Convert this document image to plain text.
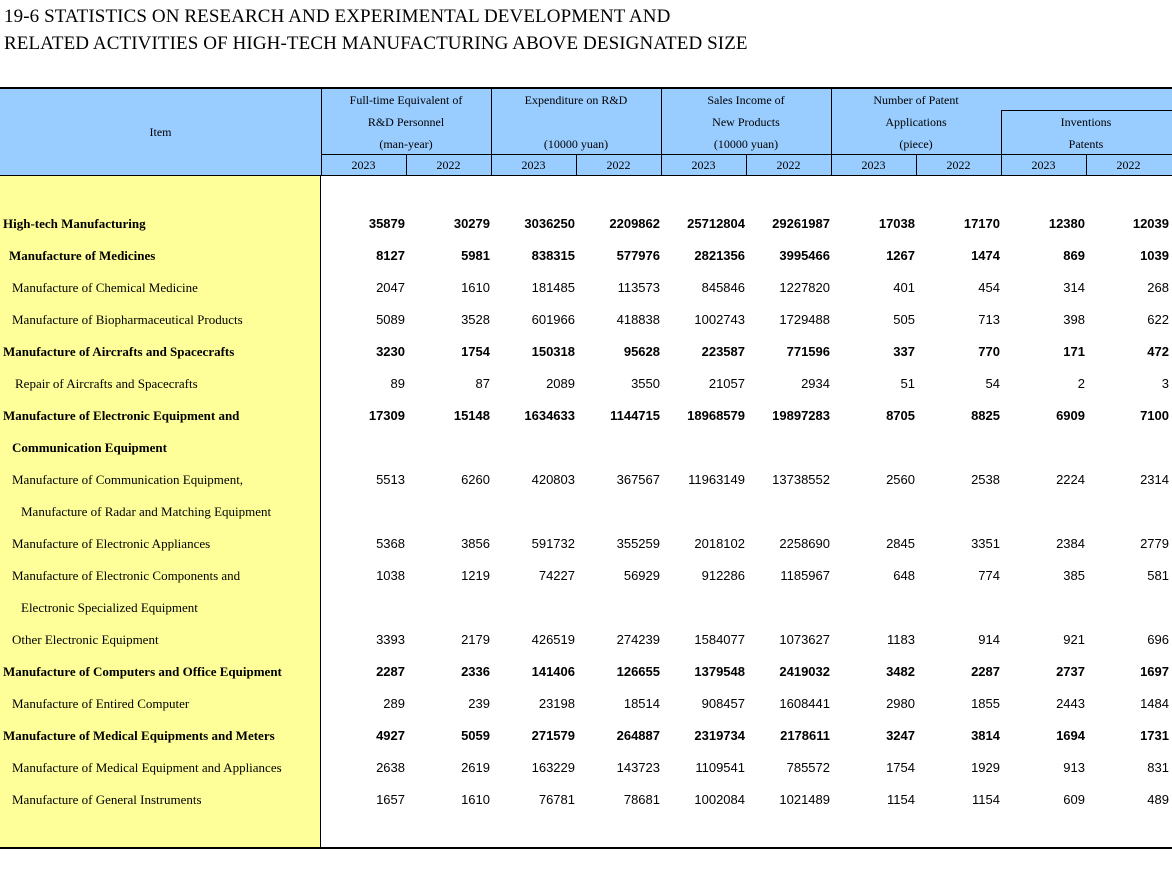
19-6 STATISTICS ON RESEARCH AND EXPERIMENTAL DEVELOPMENT AND
RELATED ACTIVITIES OF HIGH-TECH MANUFACTURING ABOVE DESIGNATED SIZE
Item
Full-time Equivalent of
R&D Personnel
(man-year)
Expenditure on R&D
(10000 yuan)
Sales Income of
New Products
(10000 yuan)
Number of Patent
Applications
(piece)
Inventions
Patents
2023	2022	2023	2022	2023	2022	2023	2022	2023	2022
High-tech Manufacturing	35879	30279	3036250	2209862	25712804	29261987	17038	17170	12380	12039
Manufacture of Medicines	8127	5981	838315	577976	2821356	3995466	1267	1474	869	1039
Manufacture of Chemical Medicine	2047	1610	181485	113573	845846	1227820	401	454	314	268
Manufacture of Biopharmaceutical Products	5089	3528	601966	418838	1002743	1729488	505	713	398	622
Manufacture of Aircrafts and Spacecrafts	3230	1754	150318	95628	223587	771596	337	770	171	472
Repair of Aircrafts and Spacecrafts	89	87	2089	3550	21057	2934	51	54	2	3
Manufacture of Electronic Equipment and	17309	15148	1634633	1144715	18968579	19897283	8705	8825	6909	7100
Communication Equipment
Manufacture of Communication Equipment,	5513	6260	420803	367567	11963149	13738552	2560	2538	2224	2314
Manufacture of Radar and Matching Equipment
Manufacture of Electronic Appliances	5368	3856	591732	355259	2018102	2258690	2845	3351	2384	2779
Manufacture of Electronic Components and	1038	1219	74227	56929	912286	1185967	648	774	385	581
Electronic Specialized Equipment
Other Electronic Equipment	3393	2179	426519	274239	1584077	1073627	1183	914	921	696
Manufacture of Computers and Office Equipment	2287	2336	141406	126655	1379548	2419032	3482	2287	2737	1697
Manufacture of Entired Computer	289	239	23198	18514	908457	1608441	2980	1855	2443	1484
Manufacture of Medical Equipments and Meters	4927	5059	271579	264887	2319734	2178611	3247	3814	1694	1731
Manufacture of Medical Equipment and Appliances	2638	2619	163229	143723	1109541	785572	1754	1929	913	831
Manufacture of General Instruments	1657	1610	76781	78681	1002084	1021489	1154	1154	609	489
